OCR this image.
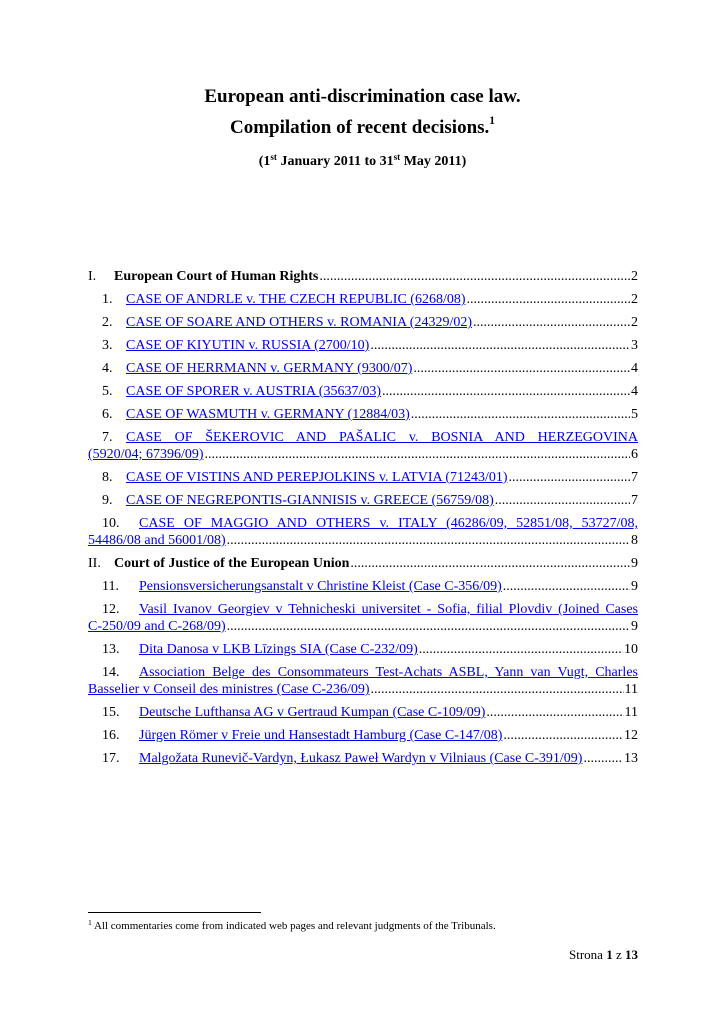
European anti-discrimination case law.
Compilation of recent decisions.$^1$
(1st January 2011 to 31st May 2011)
I.	European Court of Human Rights .....	2
1. CASE OF ANDRLE v. THE CZECH REPUBLIC (6268/08) .....	2
2. CASE OF SOARE AND OTHERS v. ROMANIA (24329/02) .....	2
3. CASE OF KIYUTIN v. RUSSIA (2700/10) .....	3
4. CASE OF HERRMANN v. GERMANY (9300/07) .....	4
5. CASE OF SPORER v. AUSTRIA (35637/03) .....	4
6. CASE OF WASMUTH v. GERMANY (12884/03) .....	5
7. CASE OF ŠEKEROVIC AND PAŠALIC v. BOSNIA AND HERZEGOVINA
(5920/04; 67396/09) .....	6
8. CASE OF VISTINS AND PEREPJOLKINS v. LATVIA (71243/01) .....	7
9. CASE OF NEGREPONTIS-GIANNISIS v. GREECE (56759/08) .....	7
10.	CASE OF MAGGIO AND OTHERS v. ITALY (46286/09, 52851/08, 53727/08,
54486/08 and 56001/08) .....	8
II. Court of Justice of the European Union .....	9
11.	Pensionsversicherungsanstalt v Christine Kleist (Case C-356/09) .....	9
12.	Vasil Ivanov Georgiev v Tehnicheski universitet - Sofia, filial Plovdiv (Joined Cases
C-250/09 and C-268/09) .....	9
13.	Dita Danosa v LKB Līzings SIA (Case C-232/09) .....	10
14.	Association Belge des Consommateurs Test-Achats ASBL, Yann van Vugt, Charles
Basselier v Conseil des ministres (Case C-236/09) .....	11
15.	Deutsche Lufthansa AG v Gertraud Kumpan (Case C-109/09) .....	11
16.	Jürgen Römer v Freie und Hansestadt Hamburg (Case C-147/08) .....	12
17.	Malgožata Runevič-Vardyn, Łukasz Paweł Wardyn v Vilniaus (Case C‑391/09) .....	13
$^1$ All commentaries come from indicated web pages and relevant judgments of the Tribunals.
Strona 1 z 13
